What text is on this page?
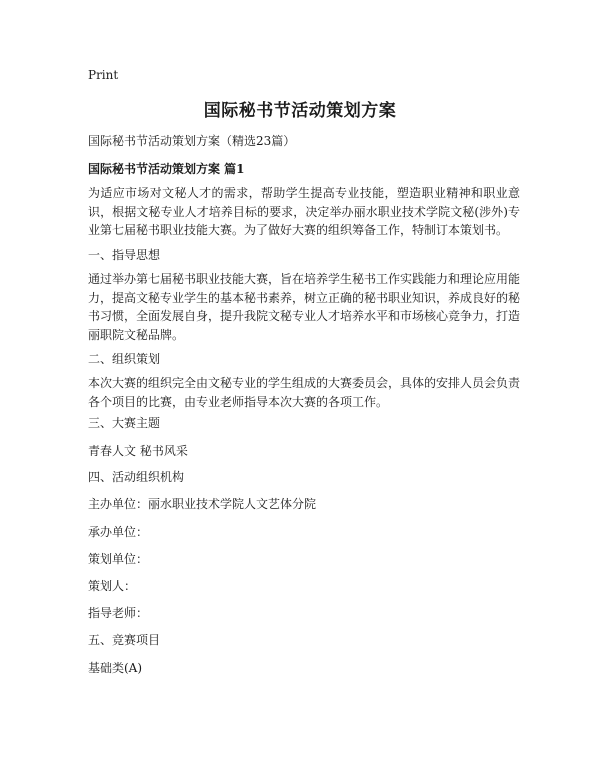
Print
国际秘书节活动策划方案
国际秘书节活动策划方案（精选23篇）
国际秘书节活动策划方案 篇1

为适应市场对文秘人才的需求，帮助学生提高专业技能，塑造职业精神和职业意识，根据文秘专业人才培养目标的要求，决定举办丽水职业技术学院文秘(涉外)专业第七届秘书职业技能大赛。为了做好大赛的组织筹备工作，特制订本策划书。

一、指导思想

通过举办第七届秘书职业技能大赛，旨在培养学生秘书工作实践能力和理论应用能力，提高文秘专业学生的基本秘书素养，树立正确的秘书职业知识，养成良好的秘书习惯，全面发展自身，提升我院文秘专业人才培养水平和市场核心竞争力，打造丽职院文秘品牌。

二、组织策划

本次大赛的组织完全由文秘专业的学生组成的大赛委员会，具体的安排人员会负责各个项目的比赛，由专业老师指导本次大赛的各项工作。

三、大赛主题
青春人文 秘书风采
四、活动组织机构
主办单位：丽水职业技术学院人文艺体分院
承办单位：
策划单位：
策划人：
指导老师：
五、竞赛项目
基础类(A)
